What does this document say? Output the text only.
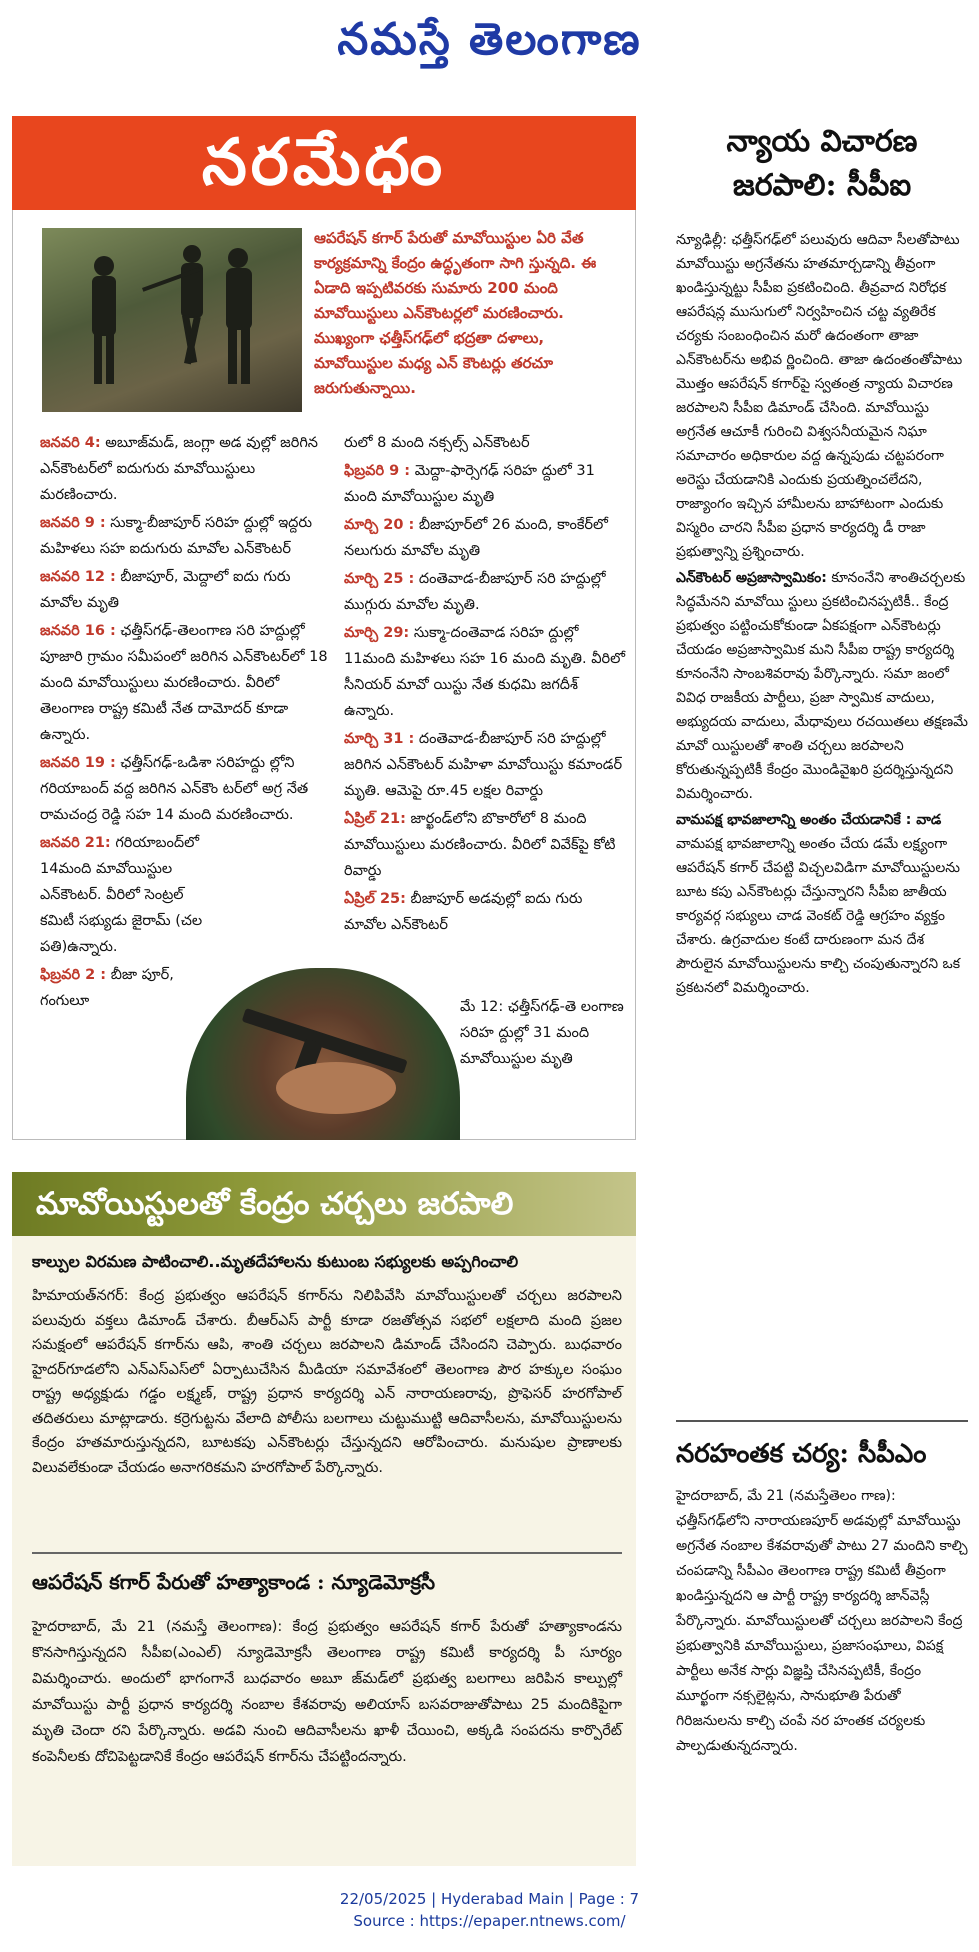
నమస్తే తెలంగాణ
నరమేధం
ఆపరేషన్ కగార్ పేరుతో మావోయిస్టుల ఏరి వేత కార్యక్రమాన్ని కేంద్రం ఉద్ధృతంగా సాగి స్తున్నది. ఈ ఏడాది ఇప్పటివరకు సుమారు 200 మంది మావోయిస్టులు ఎన్‌కౌంటర్లలో మరణించారు. ముఖ్యంగా ఛత్తీస్‌గఢ్‌లో భద్రతా దళాలు, మావోయిస్టుల మధ్య ఎన్ కౌంటర్లు తరచూ జరుగుతున్నాయి.

జనవరి 4: అబూజ్‌మడ్, జంగ్లా అడ వుల్లో జరిగిన ఎన్‌కౌంటర్‌లో ఐదుగురు మావోయిస్టులు మరణించారు.

జనవరి 9 : సుక్మా-బీజాపూర్ సరిహ ద్దుల్లో ఇద్దరు మహిళలు సహ ఐదుగురు మావోల ఎన్‌కౌంటర్

జనవరి 12 : బీజాపూర్, మెద్దాలో ఐదు గురు మావోల మృతి

జనవరి 16 : ఛత్తీస్‌గఢ్-తెలంగాణ సరి హద్దుల్లో పూజారి గ్రామం సమీపంలో జరిగిన ఎన్‌కౌంటర్‌లో 18 మంది మావోయిస్టులు మరణించారు. వీరిలో తెలంగాణ రాష్ట్ర కమిటీ నేత దామోదర్ కూడా ఉన్నారు.

జనవరి 19 : ఛత్తీస్‌గఢ్-ఒడిశా సరిహద్దు ల్లోని గరియాబంద్ వద్ద జరిగిన ఎన్‌కౌం టర్‌లో అగ్ర నేత రామచంద్ర రెడ్డి సహ 14 మంది మరణించారు.

జనవరి 21: గరియాబంద్‌లో 14మంది మావోయిస్టుల ఎన్‌కౌంటర్. వీరిలో సెంట్రల్ కమిటీ సభ్యుడు జైరామ్ (చల పతి)ఉన్నారు.

ఫిబ్రవరి 2 : బీజా పూర్, గంగులూ

రులో 8 మంది నక్సల్స్ ఎన్‌కౌంటర్

ఫిబ్రవరి 9 : మెద్దా-ఫార్సెగఢ్ సరిహ ద్దులో 31 మంది మావోయిస్టుల మృతి

మార్చి 20 : బీజాపూర్‌లో 26 మంది, కాంకేర్‌లో నలుగురు మావోల మృతి

మార్చి 25 : దంతెవాడ-బీజాపూర్ సరి హద్దుల్లో ముగ్గురు మావోల మృతి.

మార్చి 29: సుక్మా-దంతెవాడ సరిహ ద్దుల్లో 11మంది మహిళలు సహ 16 మంది మృతి. వీరిలో సీనియర్ మావో యిస్టు నేత కుధమి జగదీశ్ ఉన్నారు.

మార్చి 31 : దంతెవాడ-బీజాపూర్ సరి హద్దుల్లో జరిగిన ఎన్‌కౌంటర్ మహిళా మావోయిస్టు కమాండర్ మృతి. ఆమెపై రూ.45 లక్షల రివార్డు

ఏప్రిల్ 21: జార్ఖండ్‌లోని బొకారోలో 8 మంది మావోయిస్టులు మరణించారు. వీరిలో వివేక్‌పై కోటి రివార్డు

ఏప్రిల్ 25: బీజాపూర్ అడవుల్లో ఐదు గురు మావోల ఎన్‌కౌంటర్

మే 12: ఛత్తీస్‌గఢ్-తె లంగాణ సరిహ ద్దుల్లో 31 మంది మావోయిస్టుల మృతి

న్యాయ విచారణ జరపాలి: సీపీఐ

న్యూఢిల్లీ: ఛత్తీస్‌గఢ్‌లో పలువురు ఆదివా సీలతోపాటు మావోయిస్టు అగ్రనేతను హతమార్చడాన్ని తీవ్రంగా ఖండిస్తున్నట్టు సీపీఐ ప్రకటించింది. తీవ్రవాద నిరోధక ఆపరేషన్ల ముసుగులో నిర్వహించిన చట్ట వ్యతిరేక చర్యకు సంబంధించిన మరో ఉదంతంగా తాజా ఎన్‌కౌంటర్‌ను అభివ ర్ణించింది. తాజా ఉదంతంతోపాటు మొత్తం ఆపరేషన్ కగార్‌పై స్వతంత్ర న్యాయ విచారణ జరపాలని సీపీఐ డిమాండ్ చేసింది. మావోయిస్టు అగ్రనేత ఆచూకీ గురించి విశ్వసనీయమైన నిఘా సమాచారం అధికారుల వద్ద ఉన్నపుడు చట్టపరంగా అరెస్టు చేయడానికి ఎందుకు ప్రయత్నించలేదని, రాజ్యాంగం ఇచ్చిన హామీలను బాహాటంగా ఎందుకు విస్మరిం చారని సీపీఐ ప్రధాన కార్యదర్శి డీ రాజా ప్రభుత్వాన్ని ప్రశ్నించారు.

ఎన్‌కౌంటర్ అప్రజాస్వామికం: కూనంనేని శాంతిచర్చలకు సిద్ధమేనని మావోయి స్టులు ప్రకటించినప్పటికీ.. కేంద్ర ప్రభుత్వం పట్టించుకోకుండా ఏకపక్షంగా ఎన్‌కౌంటర్లు చేయడం అప్రజాస్వామిక మని సీపీఐ రాష్ట్ర కార్యదర్శి కూనంనేని సాంబశివరావు పేర్కొన్నారు. సమా జంలో వివిధ రాజకీయ పార్టీలు, ప్రజా స్వామిక వాదులు, అభ్యుదయ వాదులు, మేధావులు రచయితలు తక్షణమే మావో యిస్టులతో శాంతి చర్చలు జరపాలని కోరుతున్నప్పటికీ కేంద్రం మొండివైఖరి ప్రదర్శిస్తున్నదని విమర్శించారు.

వామపక్ష భావజాలాన్ని అంతం చేయడానికే : వాడ వామపక్ష భావజాలాన్ని అంతం చేయ డమే లక్ష్యంగా ఆపరేషన్ కగార్ చేపట్టి విచ్చలవిడిగా మావోయిస్టులను బూట కపు ఎన్‌కౌంటర్లు చేస్తున్నారని సీపీఐ జాతీయ కార్యవర్గ సభ్యులు చాడ వెంకట్ రెడ్డి ఆగ్రహం వ్యక్తం చేశారు. ఉగ్రవాదుల కంటే దారుణంగా మన దేశ పౌరులైన మావోయిస్టులను కాల్చి చంపుతున్నారని ఒక ప్రకటనలో విమర్శించారు.

నరహంతక చర్య: సీపీఎం
హైదరాబాద్, మే 21 (నమస్తేతెలం గాణ): ఛత్తీస్‌గఢ్‌లోని నారాయణపూర్ అడవుల్లో మావోయిస్టు అగ్రనేత నంబాల కేశవరావుతో పాటు 27 మందిని కాల్చి చంపడాన్ని సీపీఎం తెలంగాణ రాష్ట్ర కమిటీ తీవ్రంగా ఖండిస్తున్నదని ఆ పార్టీ రాష్ట్ర కార్యదర్శి జాన్‌వెస్లీ పేర్కొన్నారు. మావోయిస్టులతో చర్చలు జరపాలని కేంద్ర ప్రభుత్వానికి మావోయిస్టులు, ప్రజాసంఘాలు, విపక్ష పార్టీలు అనేక సార్లు విజ్ఞప్తి చేసినప్పటికీ, కేంద్రం మూర్ఖంగా నక్సలైట్లను, సానుభూతి పేరుతో గిరిజనులను కాల్చి చంపే నర హంతక చర్యలకు పాల్పడుతున్నదన్నారు.
మావోయిస్టులతో కేంద్రం చర్చలు జరపాలి
కాల్పుల విరమణ పాటించాలి..మృతదేహాలను కుటుంబ సభ్యులకు అప్పగించాలి
హిమాయత్‌నగర్: కేంద్ర ప్రభుత్వం ఆపరేషన్ కగార్‌ను నిలిపివేసి మావోయిస్టులతో చర్చలు జరపాలని పలువురు వక్తలు డిమాండ్ చేశారు. బీఆర్ఎస్ పార్టీ కూడా రజతోత్సవ సభలో లక్షలాది మంది ప్రజల సమక్షంలో ఆపరేషన్ కగార్‌ను ఆపి, శాంతి చర్చలు జరపాలని డిమాండ్ చేసిందని చెప్పారు. బుధవారం హైదర్‌గూడలోని ఎన్ఎస్ఎస్‌లో ఏర్పాటుచేసిన మీడియా సమావేశంలో తెలంగాణ పౌర హక్కుల సంఘం రాష్ట్ర అధ్యక్షుడు గడ్డం లక్ష్మణ్, రాష్ట్ర ప్రధాన కార్యదర్శి ఎన్ నారాయణరావు, ప్రొఫెసర్ హరగోపాల్ తదితరులు మాట్లాడారు. కర్రెగుట్టను వేలాది పోలీసు బలగాలు చుట్టుముట్టి ఆదివాసీలను, మావోయిస్టులను కేంద్రం హతమారుస్తున్నదని, బూటకపు ఎన్‌కౌంటర్లు చేస్తున్నదని ఆరోపించారు. మనుషుల ప్రాణాలకు విలువలేకుండా చేయడం అనాగరికమని హరగోపాల్ పేర్కొన్నారు.
ఆపరేషన్ కగార్ పేరుతో హత్యాకాండ : న్యూడెమోక్రసీ
హైదరాబాద్, మే 21 (నమస్తే తెలంగాణ): కేంద్ర ప్రభుత్వం ఆపరేషన్ కగార్ పేరుతో హత్యాకాండను కొనసాగిస్తున్నదని సీపీఐ(ఎంఎల్) న్యూడెమోక్రసీ తెలంగాణ రాష్ట్ర కమిటీ కార్యదర్శి పీ సూర్యం విమర్శించారు. అందులో భాగంగానే బుధవారం అబూ జ్‌మడ్‌లో ప్రభుత్వ బలగాలు జరిపిన కాల్పుల్లో మావోయిస్టు పార్టీ ప్రధాన కార్యదర్శి నంబాల కేశవరావు అలియాస్ బసవరాజుతోపాటు 25 మందికిపైగా మృతి చెందా రని పేర్కొన్నారు. అడవి నుంచి ఆదివాసీలను ఖాళీ చేయించి, అక్కడి సంపదను కార్పొరేట్ కంపెనీలకు దోచిపెట్టడానికే కేంద్రం ఆపరేషన్ కగార్‌ను చేపట్టిందన్నారు.
22/05/2025 | Hyderabad Main | Page : 7
Source : https://epaper.ntnews.com/
